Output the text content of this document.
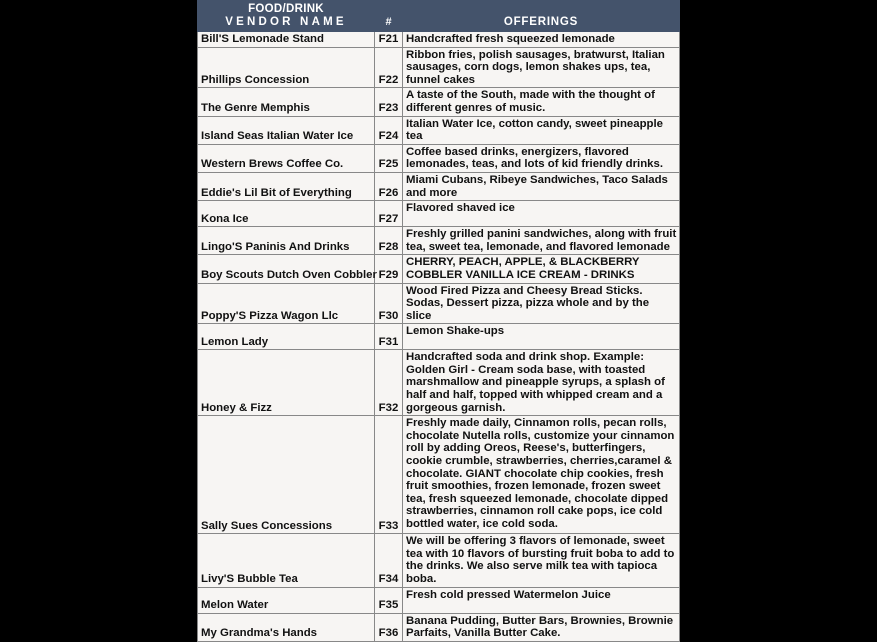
FOOD/DRINK
VENDOR NAME	#	OFFERINGS

Bill'S Lemonade Stand	F21	Handcrafted fresh squeezed lemonade
Phillips Concession	F22	Ribbon fries, polish sausages, bratwurst, Italian sausages, corn dogs, lemon shakes ups, tea, funnel cakes
The Genre Memphis	F23	A taste of the South, made with the thought of different genres of music.
Island Seas Italian Water Ice	F24	Italian Water Ice, cotton candy, sweet pineapple tea
Western Brews Coffee Co.	F25	Coffee based drinks, energizers, flavored lemonades, teas, and lots of kid friendly drinks.
Eddie's Lil Bit of Everything	F26	Miami Cubans, Ribeye Sandwiches, Taco Salads and more
Kona Ice	F27	Flavored shaved ice
Lingo'S Paninis And Drinks	F28	Freshly grilled panini sandwiches, along with fruit tea, sweet tea, lemonade, and flavored lemonade
Boy Scouts Dutch Oven Cobbler	F29	CHERRY, PEACH, APPLE, & BLACKBERRY COBBLER VANILLA ICE CREAM - DRINKS
Poppy'S Pizza Wagon Llc	F30	Wood Fired Pizza and Cheesy Bread Sticks. Sodas, Dessert pizza, pizza whole and by the slice
Lemon Lady	F31	Lemon Shake-ups
Honey & Fizz	F32	Handcrafted soda and drink shop. Example: Golden Girl - Cream soda base, with toasted marshmallow and pineapple syrups, a splash of half and half, topped with whipped cream and a gorgeous garnish.
Sally Sues Concessions	F33	Freshly made daily, Cinnamon rolls, pecan rolls, chocolate Nutella rolls, customize your cinnamon roll by adding Oreos, Reese's, butterfingers, cookie crumble, strawberries, cherries,caramel & chocolate. GIANT chocolate chip cookies, fresh fruit smoothies, frozen lemonade, frozen sweet tea, fresh squeezed lemonade, chocolate dipped strawberries, cinnamon roll cake pops, ice cold bottled water, ice cold soda.
Livy'S Bubble Tea	F34	We will be offering 3 flavors of lemonade, sweet tea with 10 flavors of bursting fruit boba to add to the drinks. We also serve milk tea with tapioca boba.
Melon Water	F35	Fresh cold pressed Watermelon Juice
My Grandma's Hands	F36	Banana Pudding, Butter Bars, Brownies, Brownie Parfaits, Vanilla Butter Cake.
